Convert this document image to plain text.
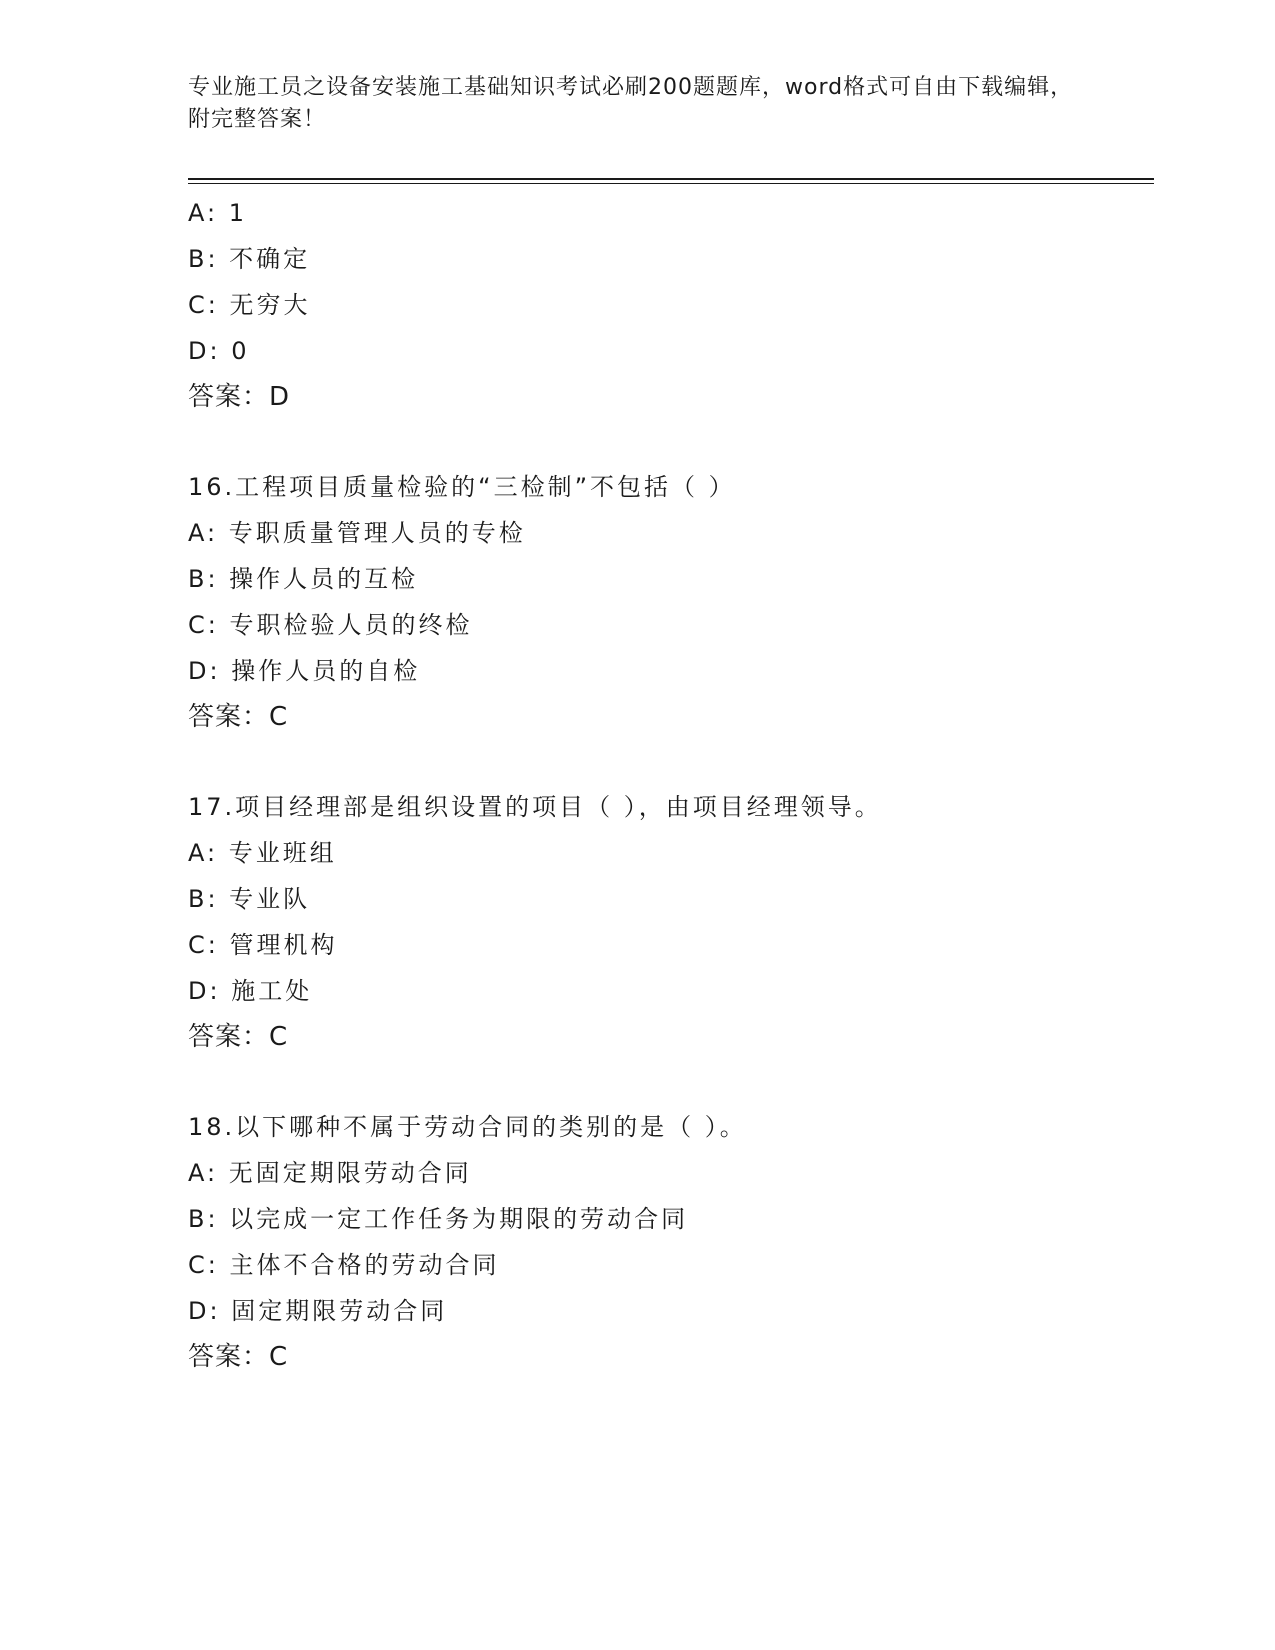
专业施工员之设备安装施工基础知识考试必刷200题题库，word格式可自由下载编辑，附完整答案！
A: 1
B: 不确定
C: 无穷大
D: 0
答案：D
16.工程项目质量检验的“三检制”不包括（ ）
A: 专职质量管理人员的专检
B: 操作人员的互检
C: 专职检验人员的终检
D: 操作人员的自检
答案：C
17.项目经理部是组织设置的项目（ ），由项目经理领导。
A: 专业班组
B: 专业队
C: 管理机构
D: 施工处
答案：C
18.以下哪种不属于劳动合同的类别的是（ ）。
A: 无固定期限劳动合同
B: 以完成一定工作任务为期限的劳动合同
C: 主体不合格的劳动合同
D: 固定期限劳动合同
答案：C
